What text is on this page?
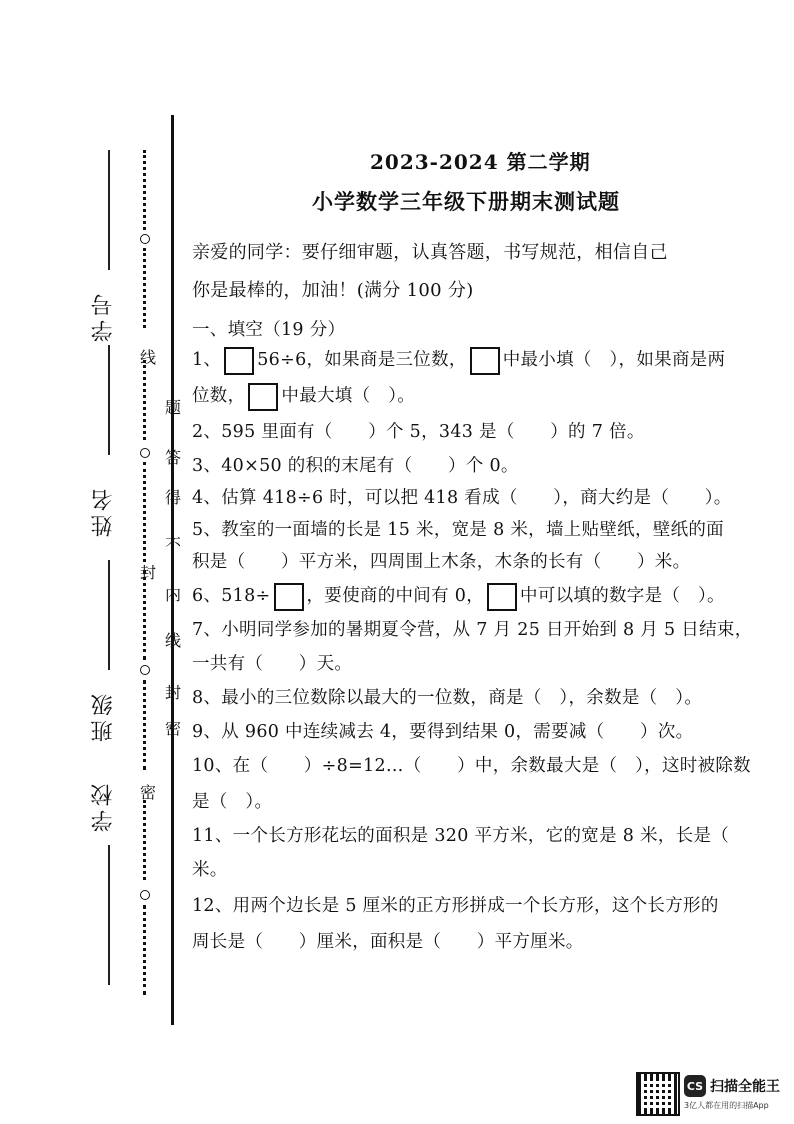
学号
姓名
班级
学校
线
题
答
得
不
封
内
线
封
密
密
2023-2024 第二学期
小学数学三年级下册期末测试题
亲爱的同学：要仔细审题，认真答题，书写规范，相信自己
你是最棒的，加油！(满分 100 分)
一、填空（19 分）
1、 56÷6，如果商是三位数， 中最小填（　），如果商是两
位数， 中最大填（　）。
2、595 里面有（　　）个 5，343 是（　　）的 7 倍。
3、40×50 的积的末尾有（　　）个 0。
4、估算 418÷6 时，可以把 418 看成（　　），商大约是（　　）。
5、教室的一面墙的长是 15 米，宽是 8 米，墙上贴壁纸，壁纸的面
积是（　　）平方米，四周围上木条，木条的长有（　　）米。
6、518÷ ，要使商的中间有 0， 中可以填的数字是（　）。
7、小明同学参加的暑期夏令营，从 7 月 25 日开始到 8 月 5 日结束，
一共有（　　）天。
8、最小的三位数除以最大的一位数，商是（　），余数是（　）。
9、从 960 中连续减去 4，要得到结果 0，需要减（　　）次。
10、在（　　）÷8=12…（　　）中，余数最大是（　），这时被除数
是（　）。
11、一个长方形花坛的面积是 320 平方米，它的宽是 8 米，长是（
米。
12、用两个边长是 5 厘米的正方形拼成一个长方形，这个长方形的
周长是（　　）厘米，面积是（　　）平方厘米。
CS 扫描全能王
3亿人都在用的扫描App
